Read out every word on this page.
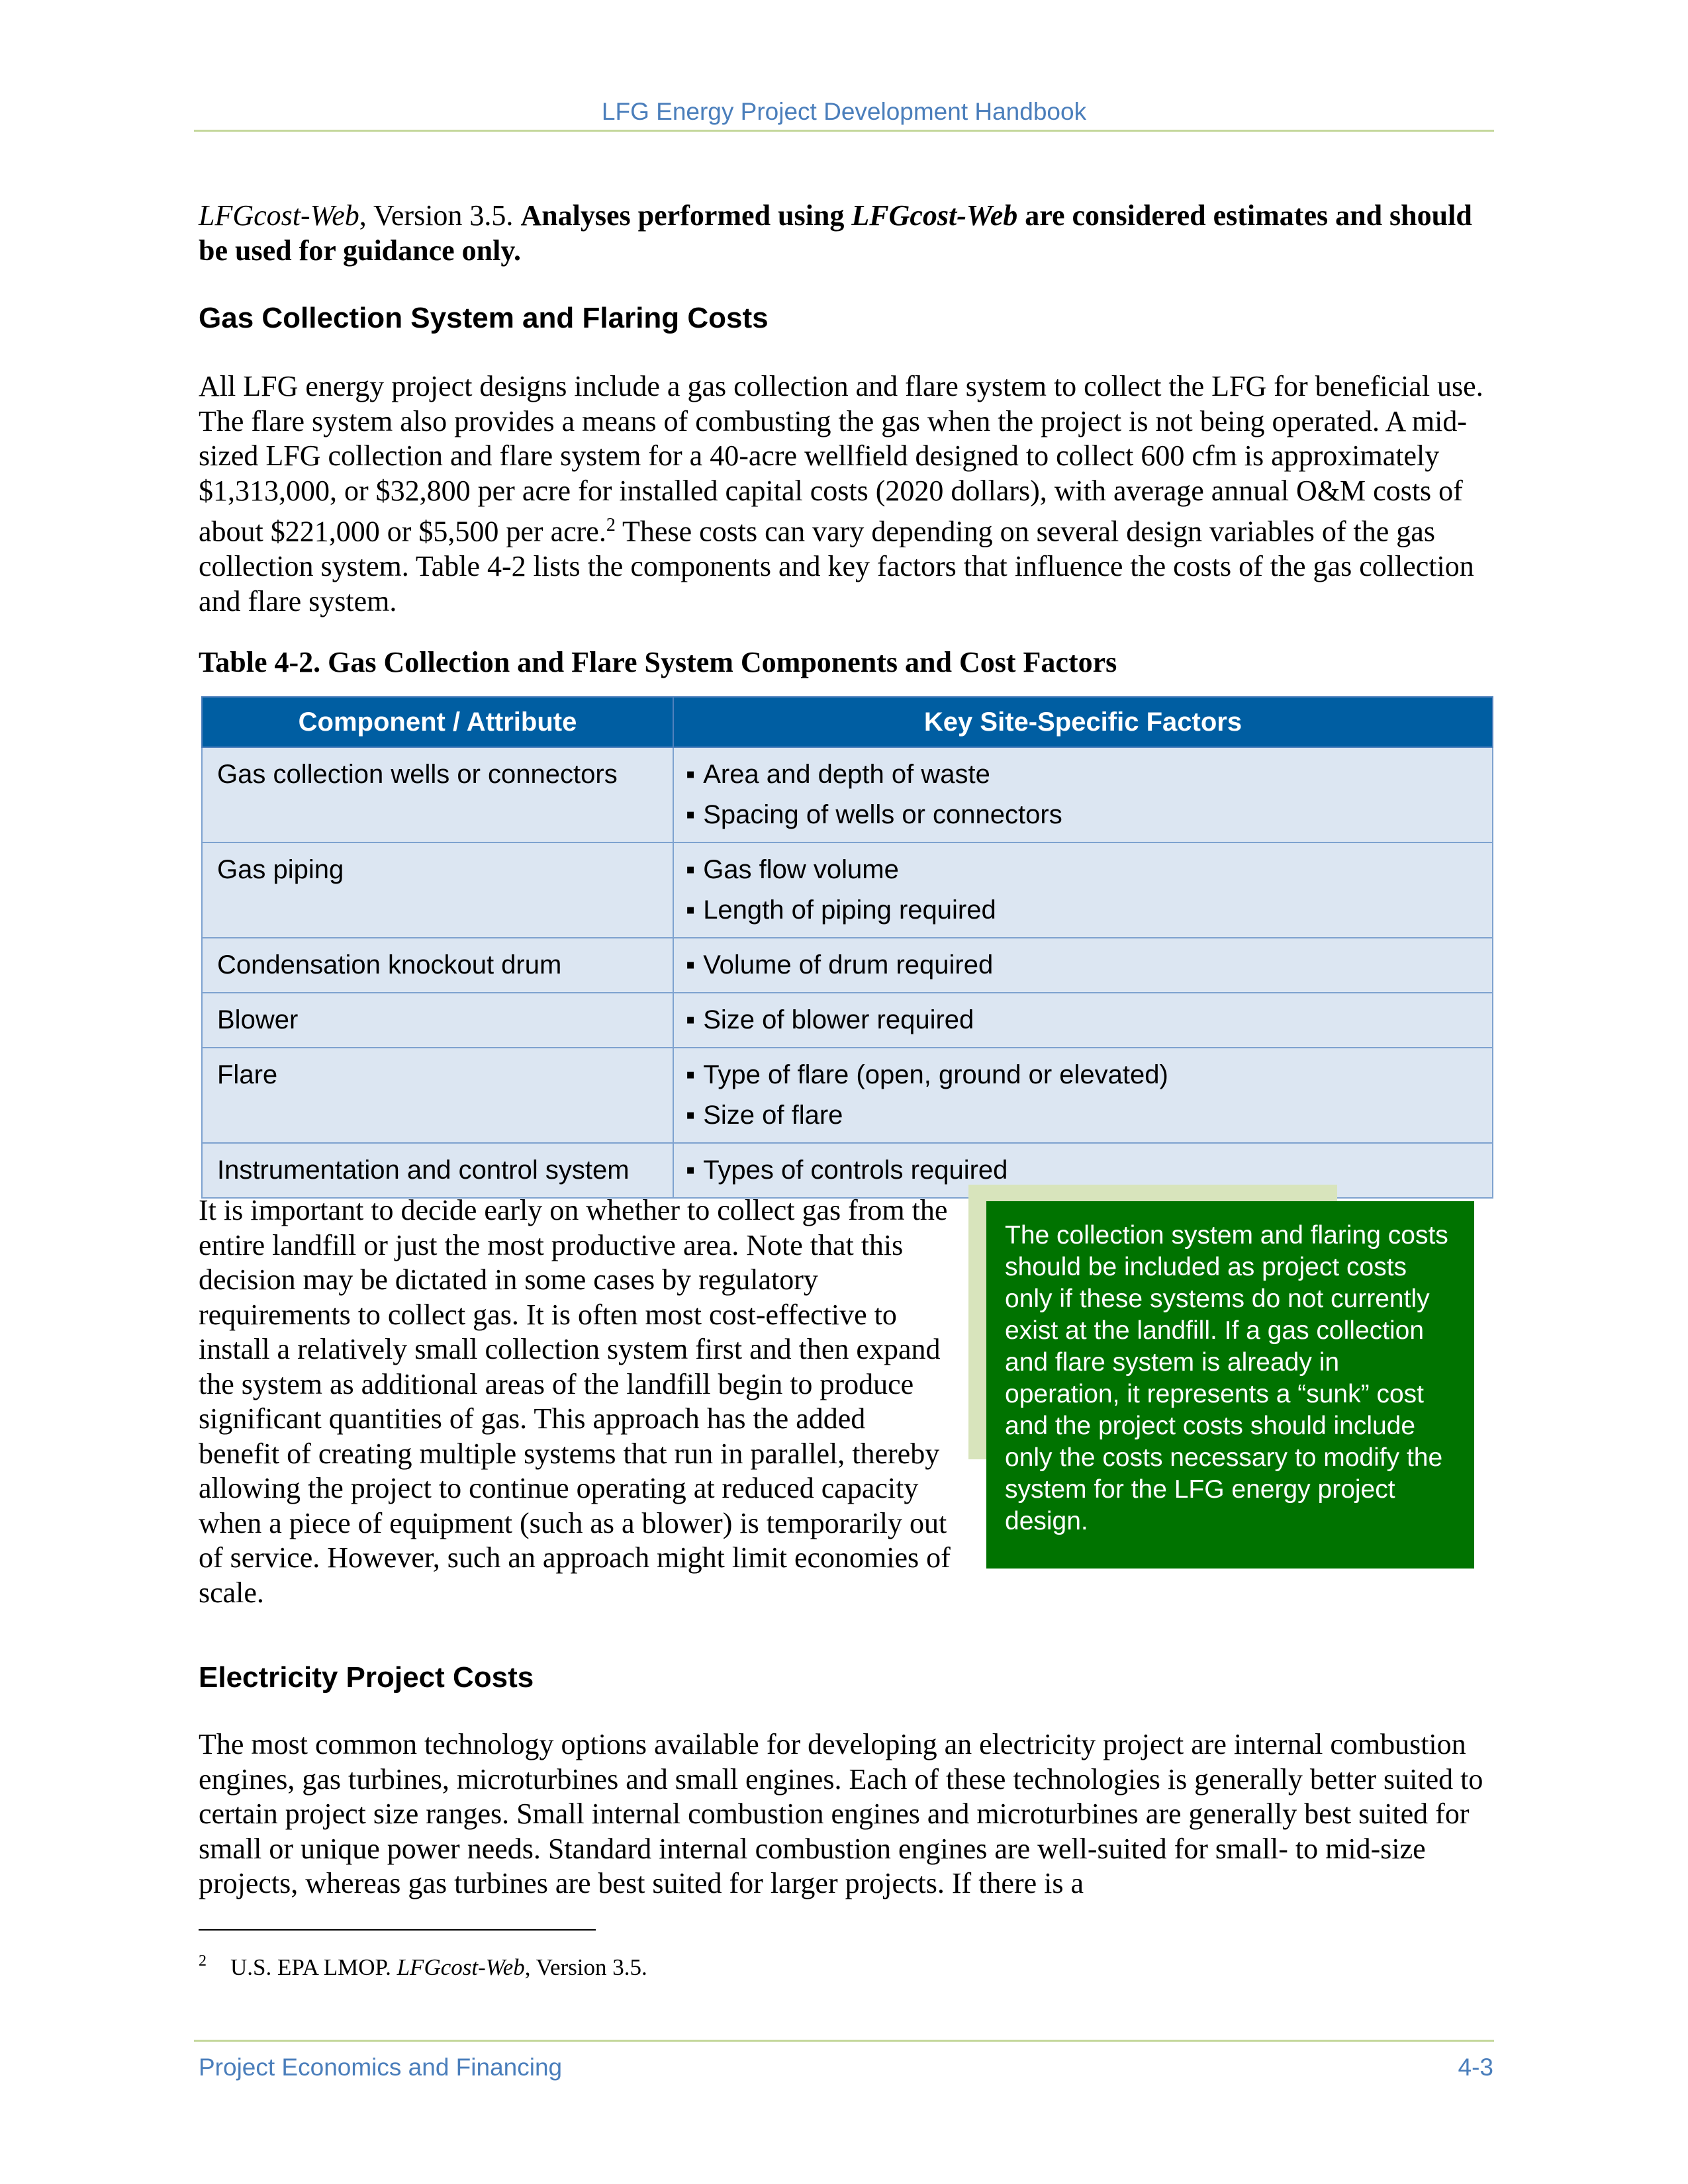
LFG Energy Project Development Handbook

LFGcost-Web, Version 3.5. Analyses performed using LFGcost-Web are considered estimates and should be used for guidance only.

Gas Collection System and Flaring Costs

All LFG energy project designs include a gas collection and flare system to collect the LFG for beneficial use. The flare system also provides a means of combusting the gas when the project is not being operated. A mid-sized LFG collection and flare system for a 40-acre wellfield designed to collect 600 cfm is approximately $1,313,000, or $32,800 per acre for installed capital costs (2020 dollars), with average annual O&M costs of about $221,000 or $5,500 per acre.$^2$ These costs can vary depending on several design variables of the gas collection system. Table 4-2 lists the components and key factors that influence the costs of the gas collection and flare system.

Table 4-2. Gas Collection and Flare System Components and Cost Factors

Component / Attribute	Key Site-Specific Factors
Gas collection wells or connectors	▪ Area and depth of waste
▪ Spacing of wells or connectors

Gas piping	▪ Gas flow volume
▪ Length of piping required

Condensation knockout drum	▪ Volume of drum required

Blower	▪ Size of blower required

Flare	▪ Type of flare (open, ground or elevated)
▪ Size of flare

Instrumentation and control system	▪ Types of controls required

It is important to decide early on whether to collect gas from the entire landfill or just the most productive area. Note that this decision may be dictated in some cases by regulatory requirements to collect gas. It is often most cost-effective to install a relatively small collection system first and then expand the system as additional areas of the landfill begin to produce significant quantities of gas. This approach has the added benefit of creating multiple systems that run in parallel, thereby allowing the project to continue operating at reduced capacity when a piece of equipment (such as a blower) is temporarily out of service. However, such an approach might limit economies of scale.

The collection system and flaring costs should be included as project costs only if these systems do not currently exist at the landfill. If a gas collection and flare system is already in operation, it represents a “sunk” cost and the project costs should include only the costs necessary to modify the system for the LFG energy project design.
Electricity Project Costs

The most common technology options available for developing an electricity project are internal combustion engines, gas turbines, microturbines and small engines. Each of these technologies is generally better suited to certain project size ranges. Small internal combustion engines and microturbines are generally best suited for small or unique power needs. Standard internal combustion engines are well-suited for small- to mid-size projects, whereas gas turbines are best suited for larger projects. If there is a

$^2$ U.S. EPA LMOP. LFGcost-Web, Version 3.5.

Project Economics and Financing	4-3
